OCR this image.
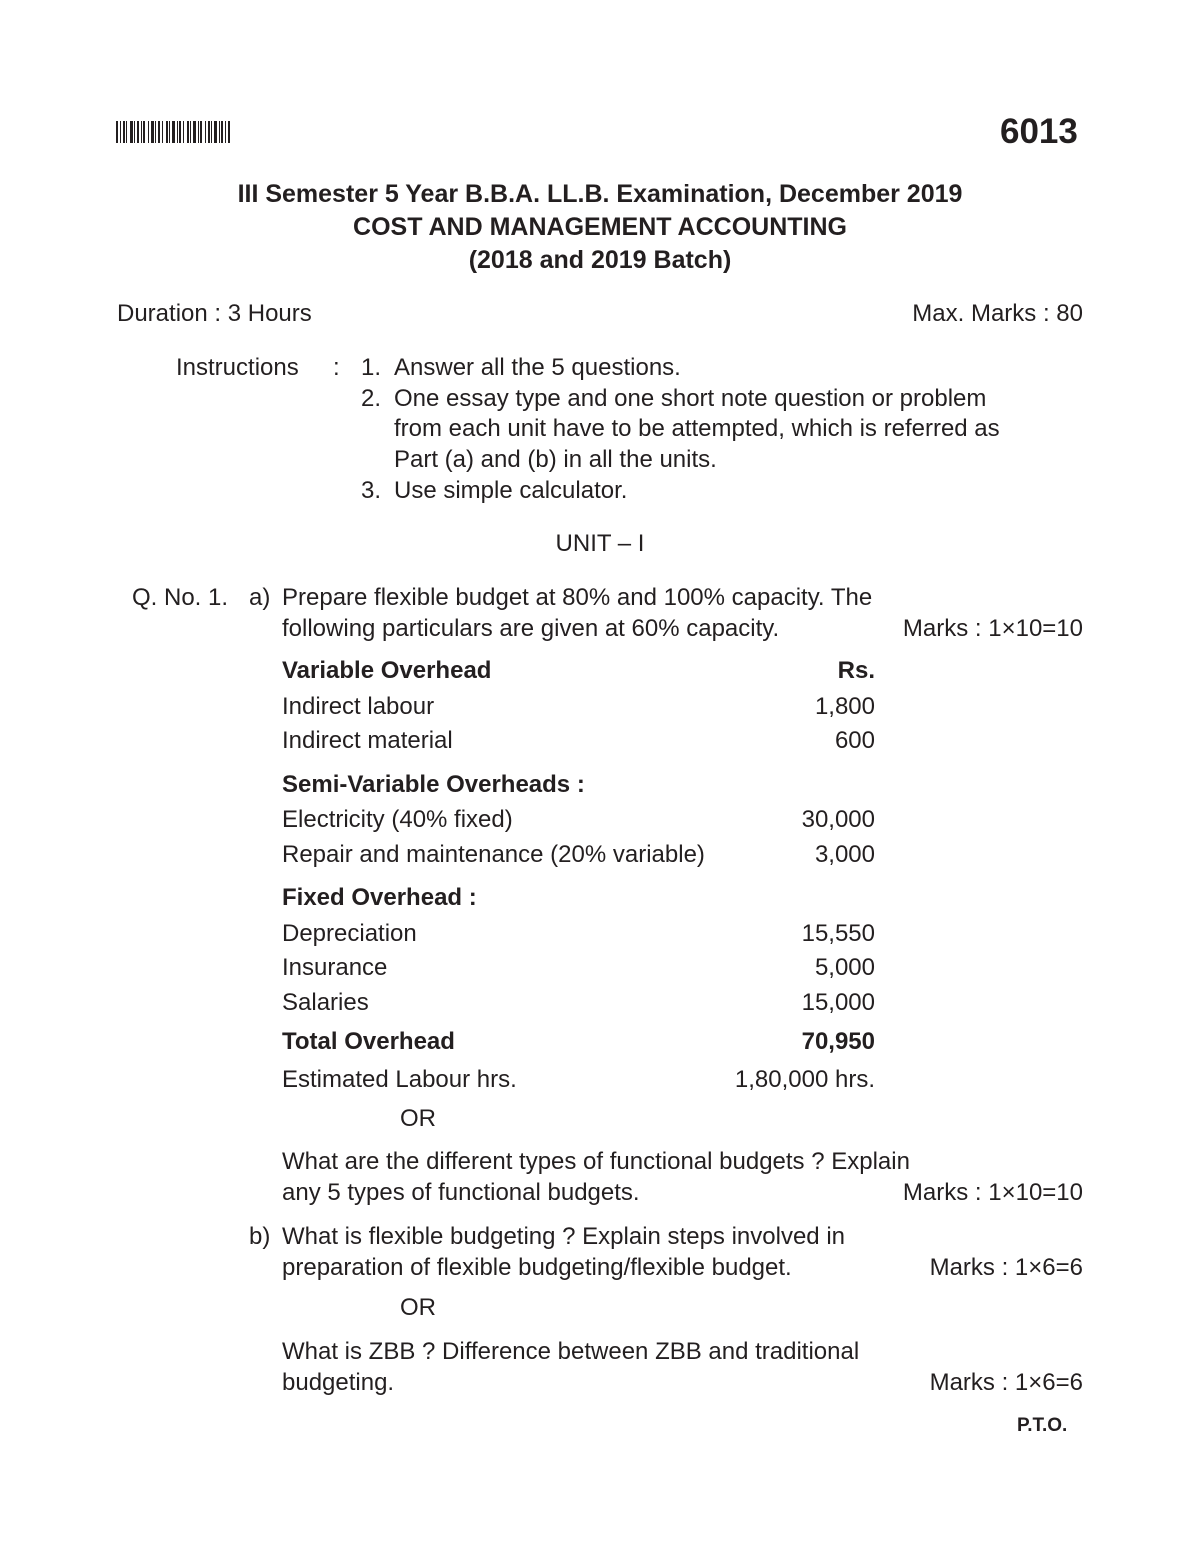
6013
III Semester 5 Year B.B.A. LL.B. Examination, December 2019
COST AND MANAGEMENT ACCOUNTING
(2018 and 2019 Batch)
Duration : 3 Hours	Max. Marks : 80
Instructions : 1. Answer all the 5 questions.
2. One essay type and one short note question or problem
from each unit have to be attempted, which is referred as
Part (a) and (b) in all the units.
3. Use simple calculator.
UNIT – I
Q. No. 1. a) Prepare flexible budget at 80% and 100% capacity. The
following particulars are given at 60% capacity.	Marks : 1×10=10
Variable Overhead	Rs.
Indirect labour	1,800
Indirect material	600
Semi-Variable Overheads :
Electricity (40% fixed)	30,000
Repair and maintenance (20% variable)	3,000
Fixed Overhead :
Depreciation	15,550
Insurance	5,000
Salaries	15,000
Total Overhead	70,950
Estimated Labour hrs.	1,80,000 hrs.
OR
What are the different types of functional budgets ? Explain
any 5 types of functional budgets.	Marks : 1×10=10
b) What is flexible budgeting ? Explain steps involved in
preparation of flexible budgeting/flexible budget.	Marks : 1×6=6
OR
What is ZBB ? Difference between ZBB and traditional
budgeting.	Marks : 1×6=6
P.T.O.
